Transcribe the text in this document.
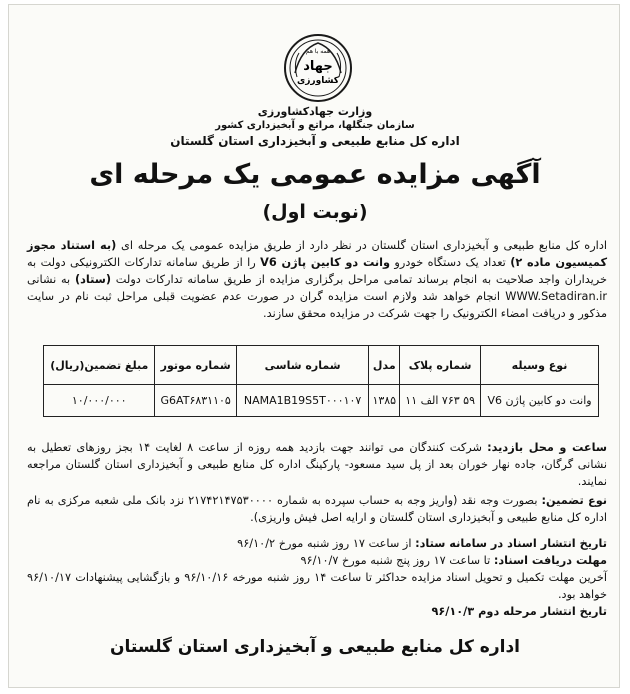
همه با هم
جهاد
کشاورزی
وزارت جهادکشاورزی
سازمان جنگلها، مراتع و آبخیزداری کشور
اداره کل منابع طبیعی و آبخیزداری استان گلستان
آگهی مزایده عمومی یک مرحله ای
(نوبت اول)
اداره کل منابع طبیعی و آبخیزداری استان گلستان در نظر دارد از طریق مزایده عمومی یک مرحله ای (به استناد مجوز کمیسیون ماده ۲) تعداد یک دستگاه خودرو وانت دو کابین پاژن V6 را از طریق سامانه تدارکات الکترونیکی دولت به خریداران واجد صلاحیت به انجام برساند تمامی مراحل برگزاری مزایده از طریق سامانه تدارکات دولت (ستاد) به نشانی WWW.Setadiran.ir انجام خواهد شد ولازم است مزایده گران در صورت عدم عضویت قبلی مراحل ثبت نام در سایت مذکور و دریافت امضاء الکترونیک را جهت شرکت در مزایده محقق سازند.
نوع وسیله	شماره پلاک	مدل	شماره شاسی	شماره موتور	مبلغ تضمین(ریال)
وانت دو کابین پاژن V6	۵۹ ۷۶۳ الف ۱۱	۱۳۸۵	NAMA1B19S5T۰۰۰۱۰۷	G6AT۶۸۳۱۱۰۵	۱۰/۰۰۰/۰۰۰
ساعت و محل بازدید: شرکت کنندگان می توانند جهت بازدید همه روزه از ساعت ۸ لغایت ۱۴ بجز روزهای تعطیل به نشانی گرگان، جاده نهار خوران بعد از پل سید مسعود- پارکینگ اداره کل منابع طبیعی و آبخیزداری استان گلستان مراجعه نمایند.
نوع تضمین: بصورت وجه نقد (واریز وجه به حساب سپرده به شماره ۲۱۷۴۲۱۴۷۵۳۰۰۰۰ نزد بانک ملی شعبه مرکزی به نام اداره کل منابع طبیعی و آبخیزداری استان گلستان و ارایه اصل فیش واریزی).
تاریخ انتشار اسناد در سامانه ستاد: از ساعت ۱۷ روز شنبه مورخ ۹۶/۱۰/۲
مهلت دریافت اسناد: تا ساعت ۱۷ روز پنج شنبه مورخ ۹۶/۱۰/۷
آخرین مهلت تکمیل و تحویل اسناد مزایده حداکثر تا ساعت ۱۴ روز شنبه مورخه ۹۶/۱۰/۱۶ و بازگشایی پیشنهادات ۹۶/۱۰/۱۷ خواهد بود.
تاریخ انتشار مرحله دوم ۹۶/۱۰/۳
اداره کل منابع طبیعی و آبخیزداری استان گلستان
